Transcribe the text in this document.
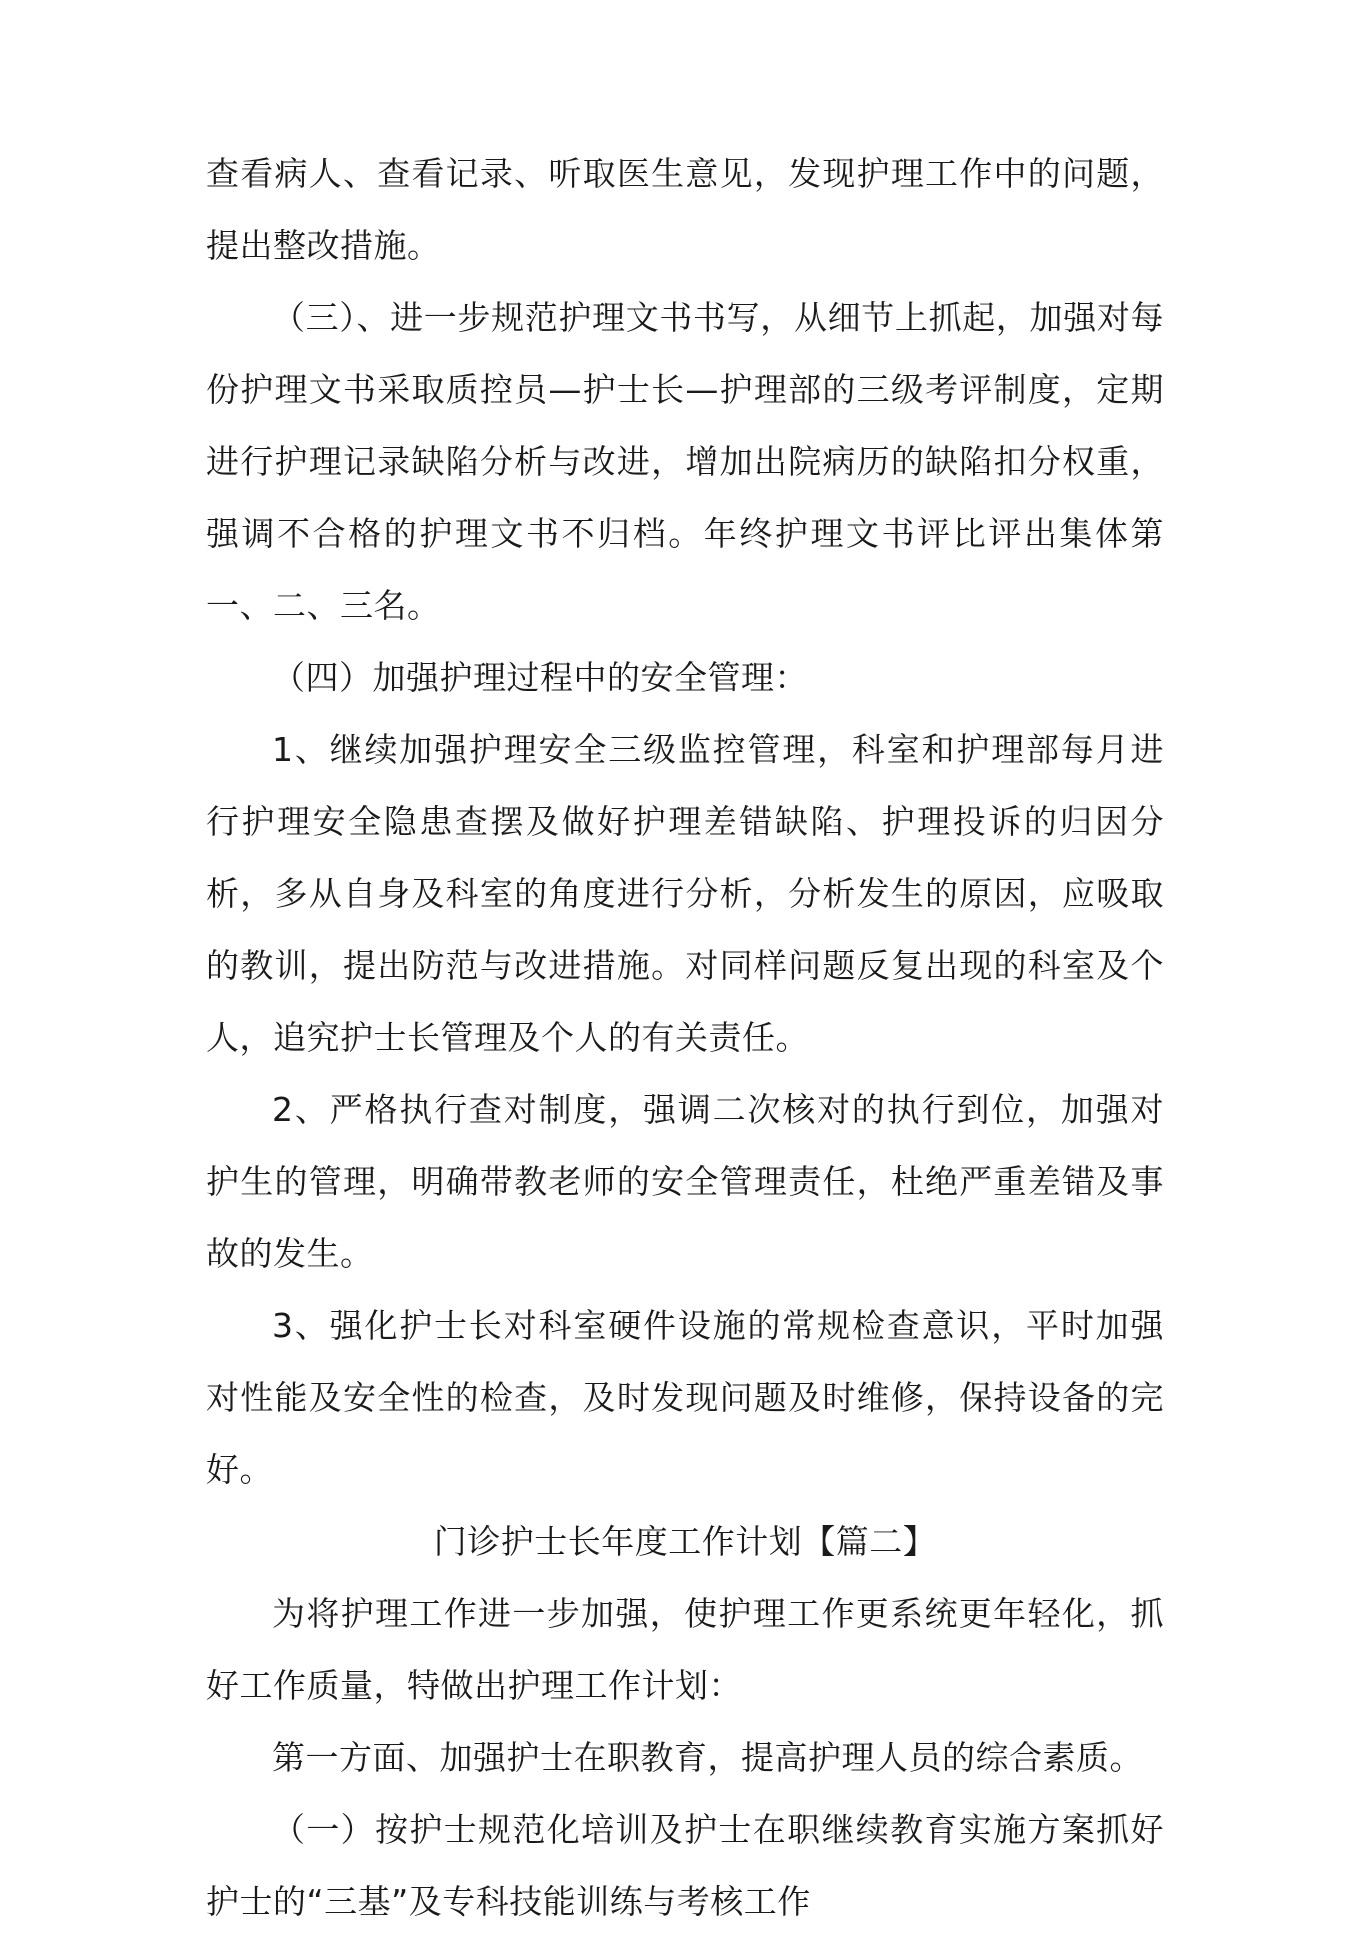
查看病人、查看记录、听取医生意见，发现护理工作中的问题，提出整改措施。

（三）、进一步规范护理文书书写，从细节上抓起，加强对每份护理文书采取质控员—护士长—护理部的三级考评制度，定期进行护理记录缺陷分析与改进，增加出院病历的缺陷扣分权重，强调不合格的护理文书不归档。年终护理文书评比评出集体第一、二、三名。

（四）加强护理过程中的安全管理：

1、继续加强护理安全三级监控管理，科室和护理部每月进行护理安全隐患查摆及做好护理差错缺陷、护理投诉的归因分析，多从自身及科室的角度进行分析，分析发生的原因，应吸取的教训，提出防范与改进措施。对同样问题反复出现的科室及个人，追究护士长管理及个人的有关责任。

2、严格执行查对制度，强调二次核对的执行到位，加强对护生的管理，明确带教老师的安全管理责任，杜绝严重差错及事故的发生。

3、强化护士长对科室硬件设施的常规检查意识，平时加强对性能及安全性的检查，及时发现问题及时维修，保持设备的完好。

门诊护士长年度工作计划【篇二】

为将护理工作进一步加强，使护理工作更系统更年轻化，抓好工作质量，特做出护理工作计划：

第一方面、加强护士在职教育，提高护理人员的综合素质。

（一）按护士规范化培训及护士在职继续教育实施方案抓好护士的“三基”及专科技能训练与考核工作
